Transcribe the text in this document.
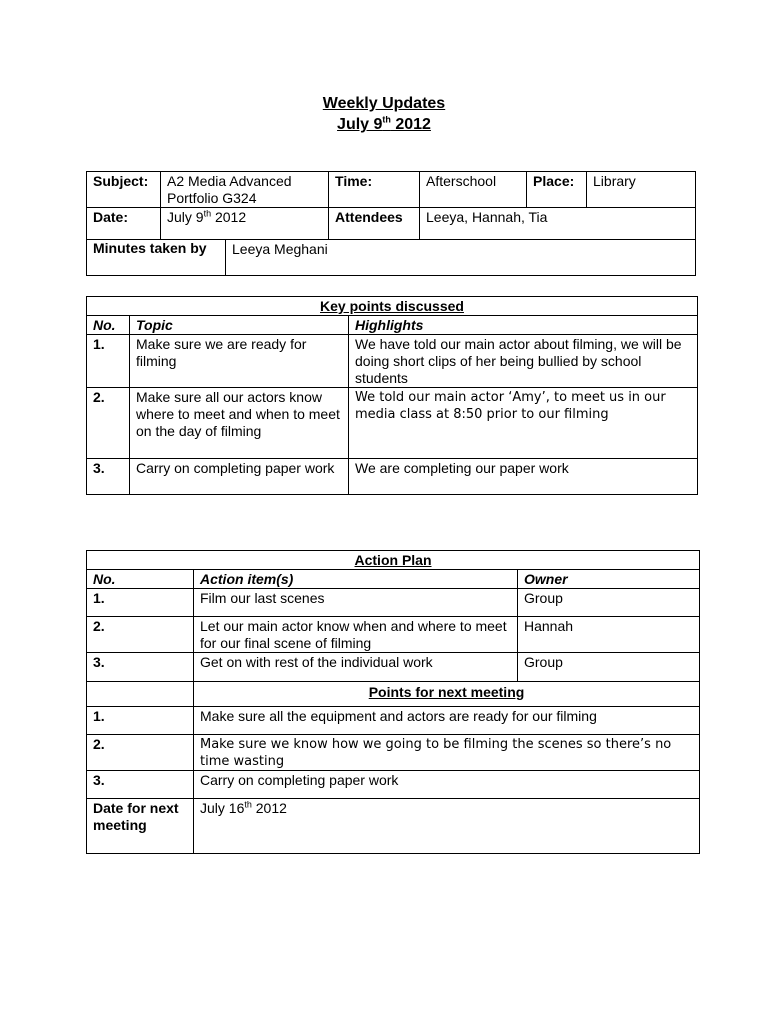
Weekly Updates
July 9th 2012
Subject:	A2 Media Advanced Portfolio G324		Time:	Afterschool	Place:	Library
Date:	July 9th 2012		Attendees	Leeya, Hannah, Tia		
Minutes taken by		Leeya Meghani				
Key points discussed		
No.	Topic	Highlights
1.	Make sure we are ready for filming	We have told our main actor about filming, we will be doing short clips of her being bullied by school students
2.	Make sure all our actors know where to meet and when to meet on the day of filming	We told our main actor ‘Amy’, to meet us in our media class at 8:50 prior to our filming
3.	Carry on completing paper work	We are completing our paper work
Action Plan		
No.	Action item(s)	Owner
1.	Film our last scenes	Group
2.	Let our main actor know when and where to meet for our final scene of filming	Hannah
3.	Get on with rest of the individual work	Group
	Points for next meeting	
1.	Make sure all the equipment and actors are ready for our filming	
2.	Make sure we know how we going to be filming the scenes so there’s no time wasting	
3.	Carry on completing paper work	
Date for next meeting	July 16th 2012	
